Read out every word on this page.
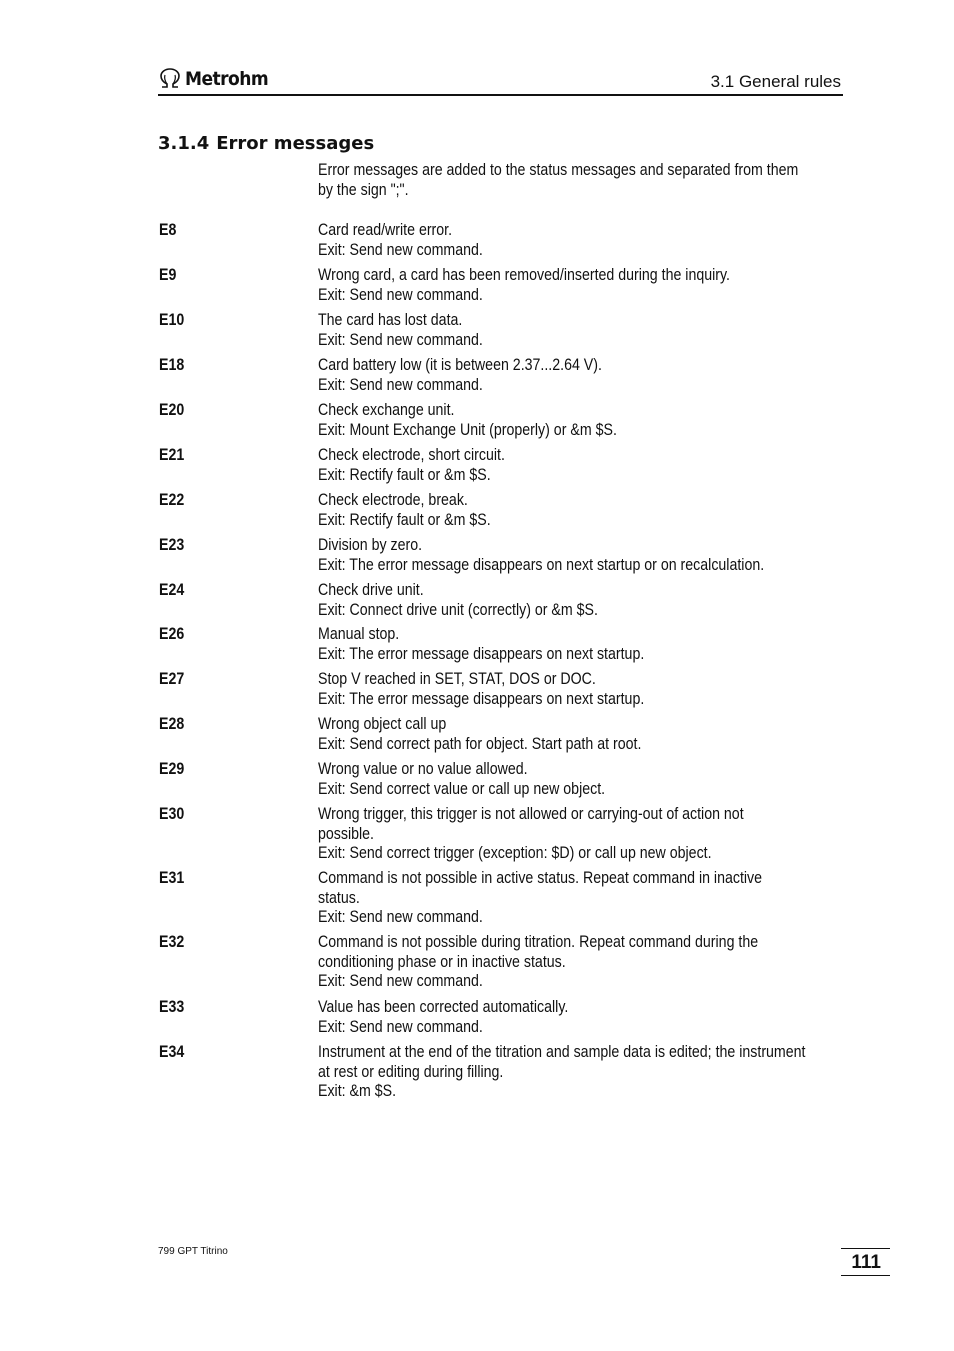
Metrohm	3.1 General rules
3.1.4 Error messages
Error messages are added to the status messages and separated from them
by the sign ";".
E8	Card read/write error.
Exit: Send new command.
E9	Wrong card, a card has been removed/inserted during the inquiry.
Exit: Send new command.
E10	The card has lost data.
Exit: Send new command.
E18	Card battery low (it is between 2.37...2.64 V).
Exit: Send new command.
E20	Check exchange unit.
Exit: Mount Exchange Unit (properly) or &m $S.
E21	Check electrode, short circuit.
Exit: Rectify fault or &m $S.
E22	Check electrode, break.
Exit: Rectify fault or &m $S.
E23	Division by zero.
Exit: The error message disappears on next startup or on recalculation.
E24	Check drive unit.
Exit: Connect drive unit (correctly) or &m $S.
E26	Manual stop.
Exit: The error message disappears on next startup.
E27	Stop V reached in SET, STAT, DOS or DOC.
Exit: The error message disappears on next startup.
E28	Wrong object call up
Exit: Send correct path for object. Start path at root.
E29	Wrong value or no value allowed.
Exit: Send correct value or call up new object.
E30	Wrong trigger, this trigger is not allowed or carrying-out of action not
possible.
Exit: Send correct trigger (exception: $D) or call up new object.
E31	Command is not possible in active status. Repeat command in inactive
status.
Exit: Send new command.
E32	Command is not possible during titration. Repeat command during the
conditioning phase or in inactive status.
Exit: Send new command.
E33	Value has been corrected automatically.
Exit: Send new command.
E34	Instrument at the end of the titration and sample data is edited; the instrument
at rest or editing during filling.
Exit: &m $S.
799 GPT Titrino
111
